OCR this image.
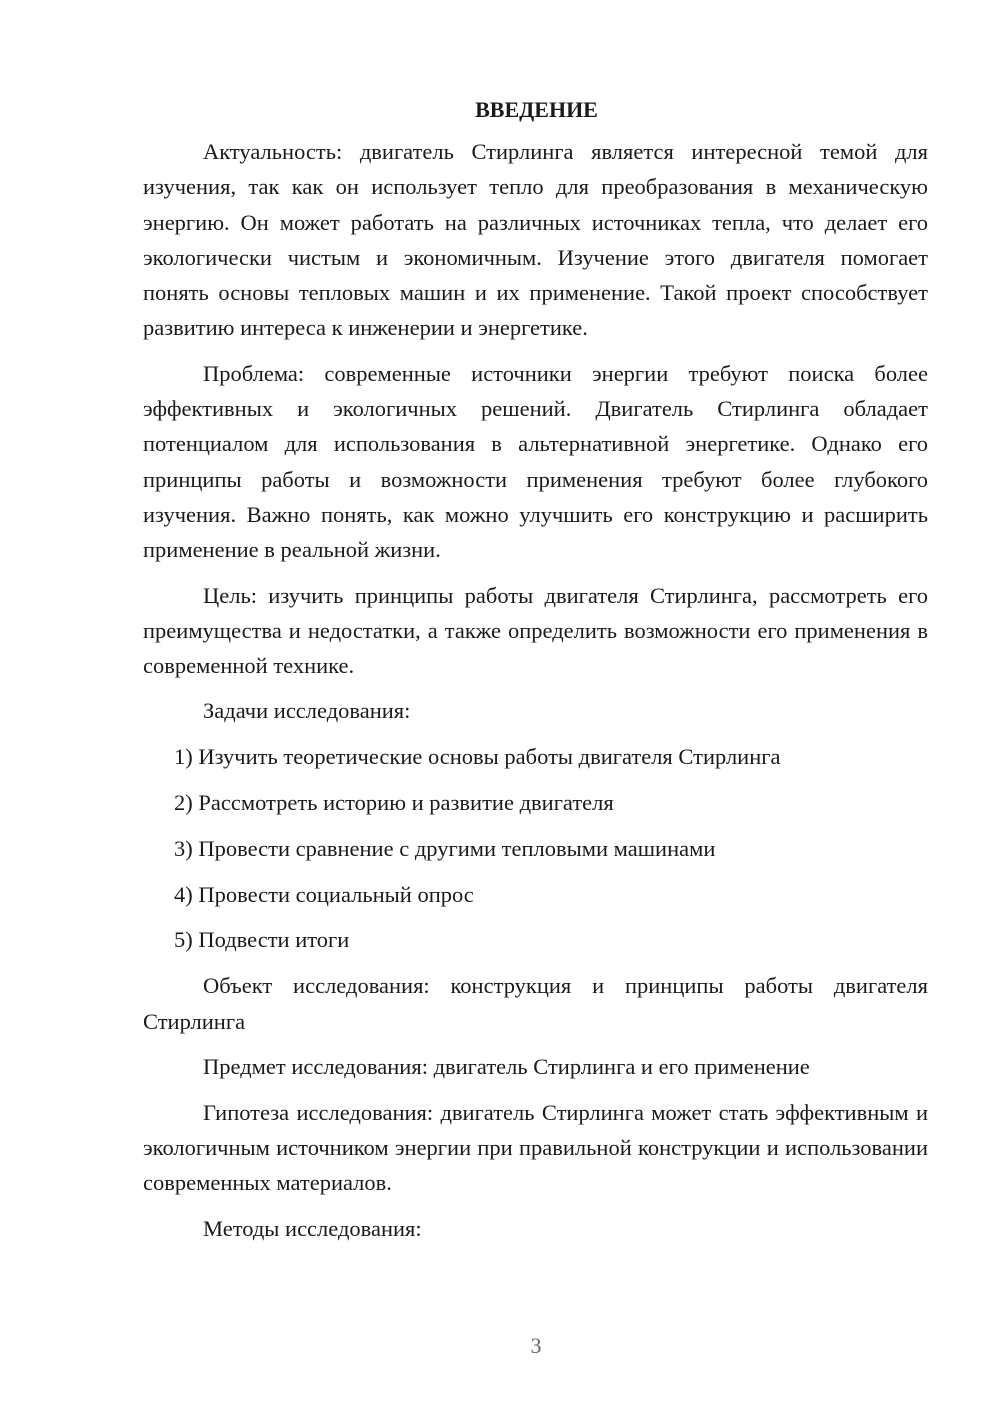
ВВЕДЕНИЕ

Актуальность: двигатель Стирлинга является интересной темой для изучения, так как он использует тепло для преобразования в механическую энергию. Он может работать на различных источниках тепла, что делает его экологически чистым и экономичным. Изучение этого двигателя помогает понять основы тепловых машин и их применение. Такой проект способствует развитию интереса к инженерии и энергетике.

Проблема: современные источники энергии требуют поиска более эффективных и экологичных решений. Двигатель Стирлинга обладает потенциалом для использования в альтернативной энергетике. Однако его принципы работы и возможности применения требуют более глубокого изучения. Важно понять, как можно улучшить его конструкцию и расширить применение в реальной жизни.

Цель: изучить принципы работы двигателя Стирлинга, рассмотреть его преимущества и недостатки, а также определить возможности его применения в современной технике.

Задачи исследования:

1) Изучить теоретические основы работы двигателя Стирлинга

2) Рассмотреть историю и развитие двигателя

3) Провести сравнение с другими тепловыми машинами

4) Провести социальный опрос

5) Подвести итоги

Объект исследования: конструкция и принципы работы двигателя Стирлинга

Предмет исследования: двигатель Стирлинга и его применение

Гипотеза исследования: двигатель Стирлинга может стать эффективным и экологичным источником энергии при правильной конструкции и использовании современных материалов.

Методы исследования:

3
